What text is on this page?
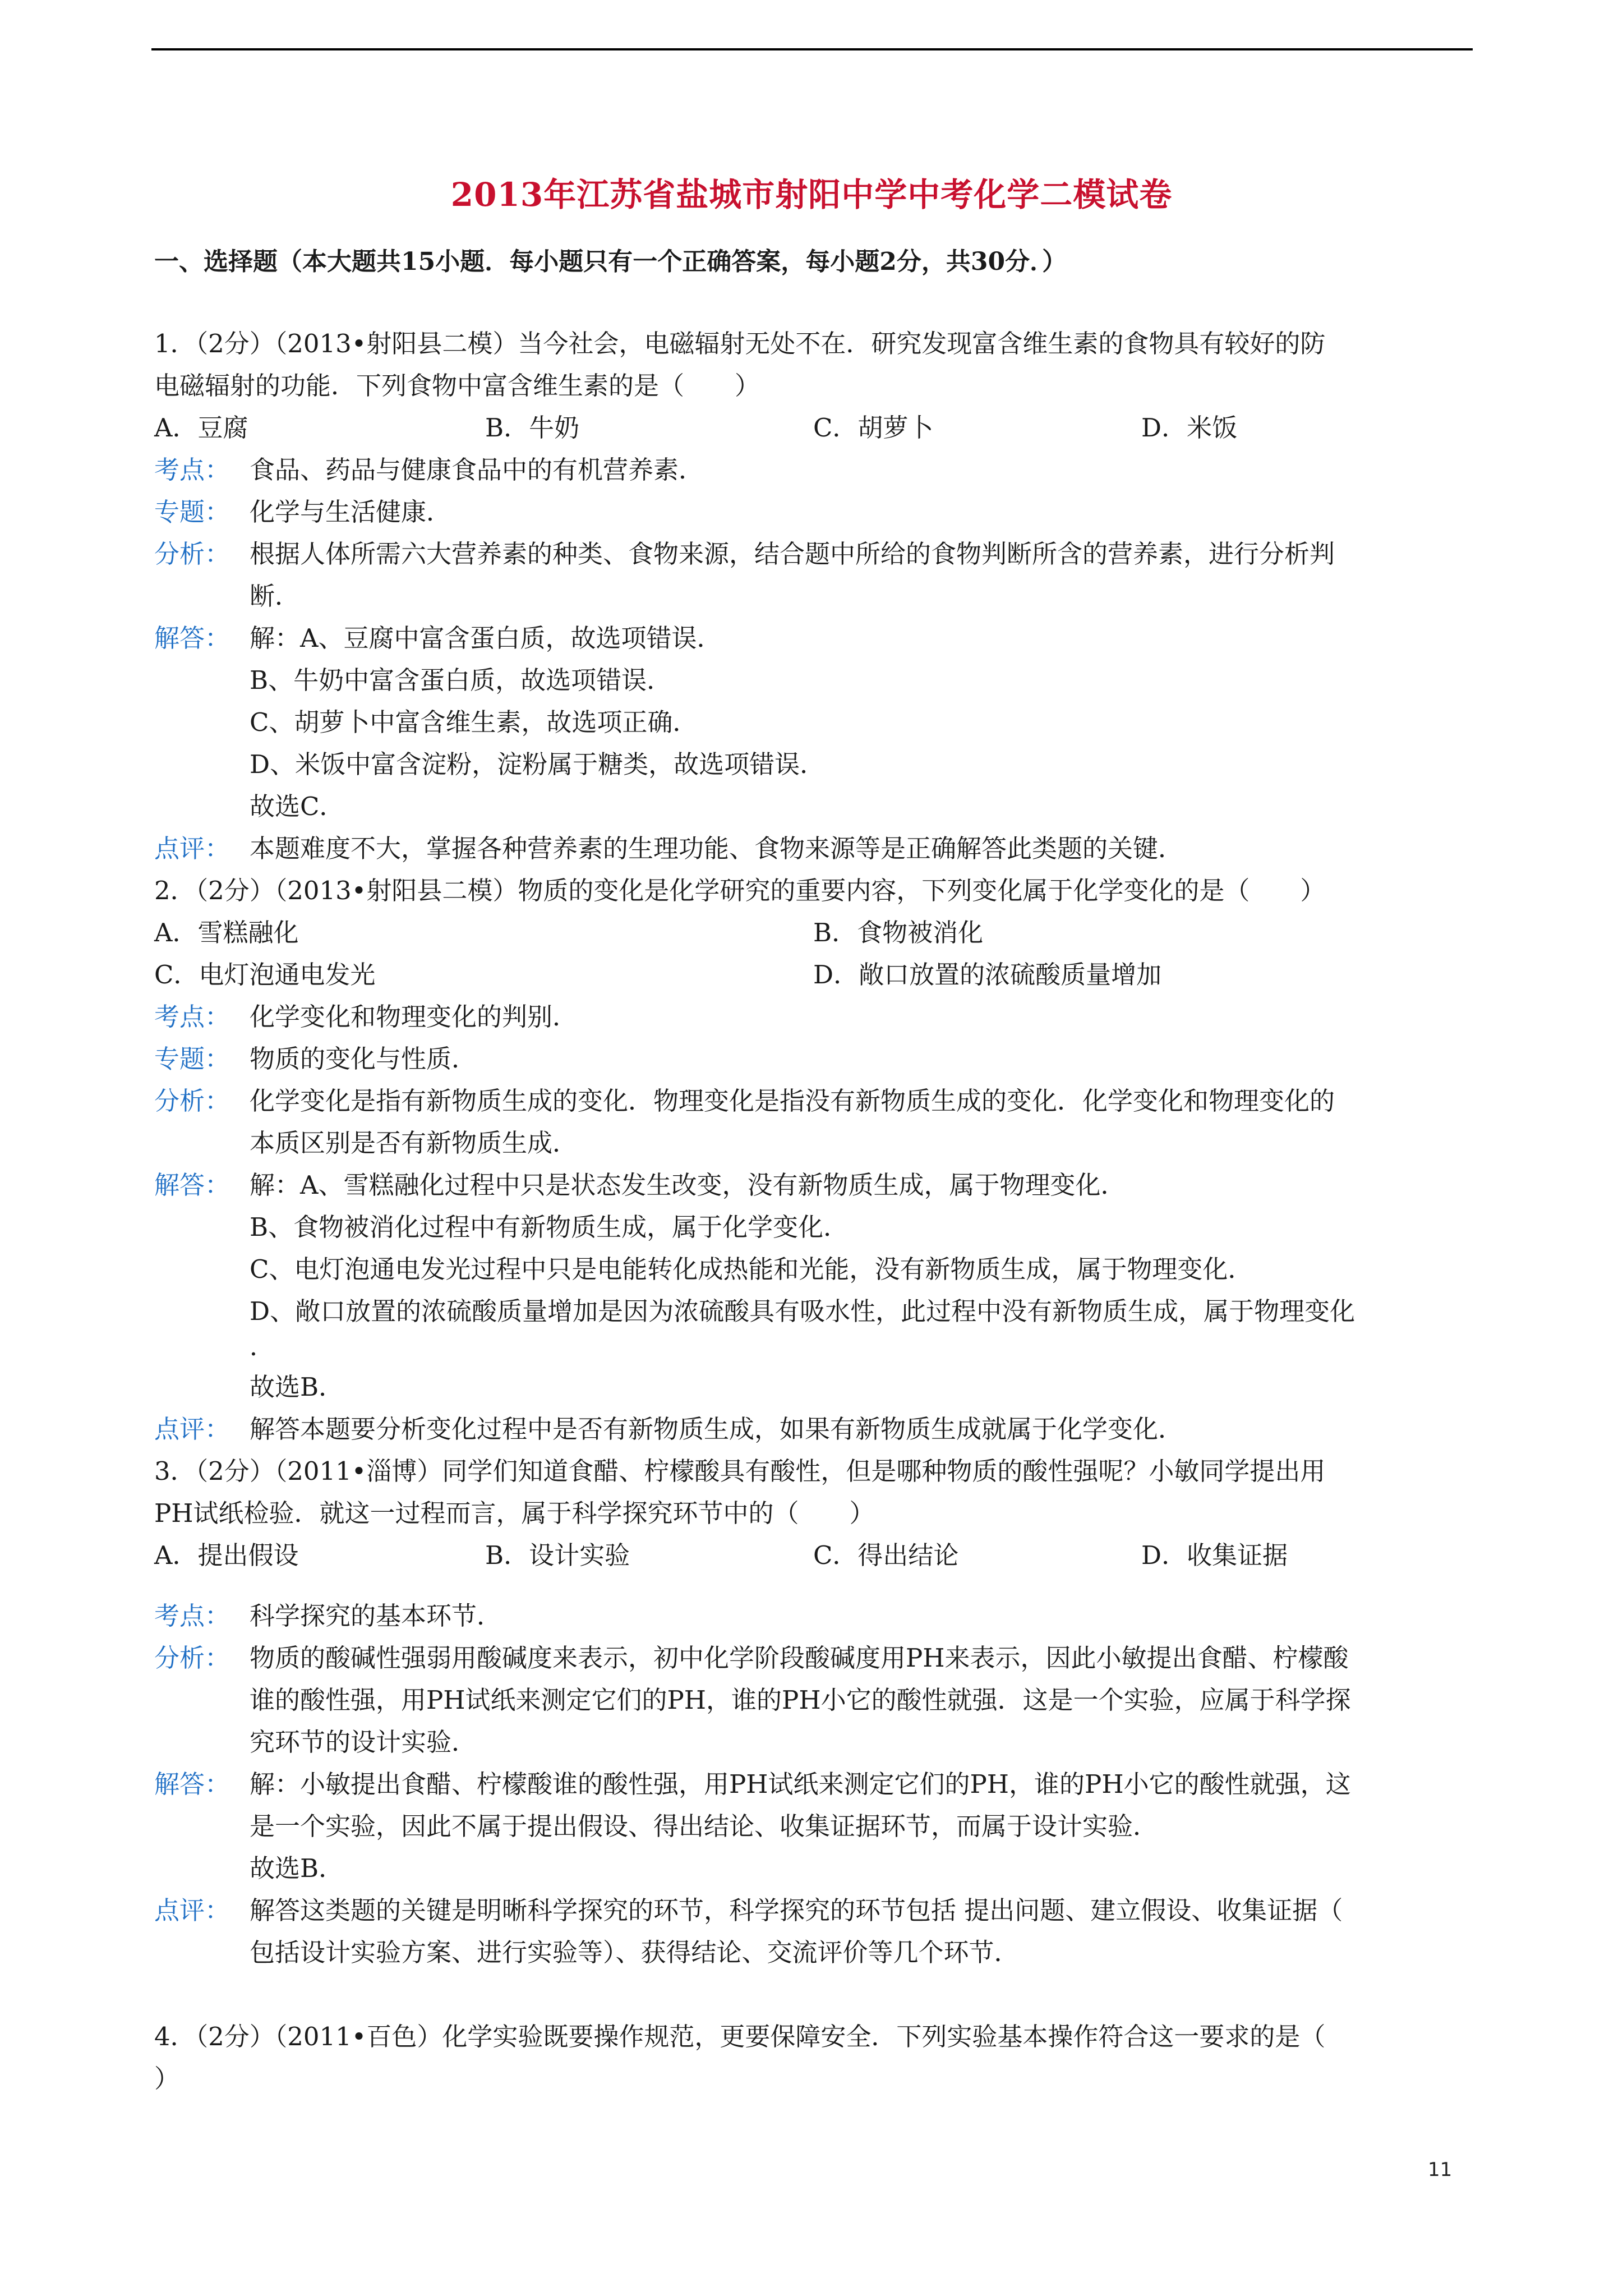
2013年江苏省盐城市射阳中学中考化学二模试卷
一、选择题（本大题共15小题．每小题只有一个正确答案，每小题2分，共30分．）
1．（2分）（2013•射阳县二模）当今社会，电磁辐射无处不在．研究发现富含维生素的食物具有较好的防
电磁辐射的功能．下列食物中富含维生素的是（　　）
A．豆腐	B．牛奶	C．胡萝卜	D．米饭
考点： 食品、药品与健康食品中的有机营养素．
专题： 化学与生活健康．
分析： 根据人体所需六大营养素的种类、食物来源，结合题中所给的食物判断所含的营养素，进行分析判
断．
解答： 解：A、豆腐中富含蛋白质，故选项错误．
B、牛奶中富含蛋白质，故选项错误．
C、胡萝卜中富含维生素，故选项正确．
D、米饭中富含淀粉，淀粉属于糖类，故选项错误．
故选C．
点评： 本题难度不大，掌握各种营养素的生理功能、食物来源等是正确解答此类题的关键．
2．（2分）（2013•射阳县二模）物质的变化是化学研究的重要内容，下列变化属于化学变化的是（　　）
A．雪糕融化	B．食物被消化
C．电灯泡通电发光	D．敞口放置的浓硫酸质量增加
考点： 化学变化和物理变化的判别．
专题： 物质的变化与性质．
分析： 化学变化是指有新物质生成的变化．物理变化是指没有新物质生成的变化．化学变化和物理变化的
本质区别是否有新物质生成．
解答： 解：A、雪糕融化过程中只是状态发生改变，没有新物质生成，属于物理变化．
B、食物被消化过程中有新物质生成，属于化学变化．
C、电灯泡通电发光过程中只是电能转化成热能和光能，没有新物质生成，属于物理变化．
D、敞口放置的浓硫酸质量增加是因为浓硫酸具有吸水性，此过程中没有新物质生成，属于物理变化
．
故选B．
点评： 解答本题要分析变化过程中是否有新物质生成，如果有新物质生成就属于化学变化．
3．（2分）（2011•淄博）同学们知道食醋、柠檬酸具有酸性，但是哪种物质的酸性强呢？小敏同学提出用
PH试纸检验．就这一过程而言，属于科学探究环节中的（　　）
A．提出假设	B．设计实验	C．得出结论	D．收集证据
考点： 科学探究的基本环节．
分析： 物质的酸碱性强弱用酸碱度来表示，初中化学阶段酸碱度用PH来表示，因此小敏提出食醋、柠檬酸
谁的酸性强，用PH试纸来测定它们的PH，谁的PH小它的酸性就强．这是一个实验，应属于科学探
究环节的设计实验．
解答： 解：小敏提出食醋、柠檬酸谁的酸性强，用PH试纸来测定它们的PH，谁的PH小它的酸性就强，这
是一个实验，因此不属于提出假设、得出结论、收集证据环节，而属于设计实验．
故选B．
点评： 解答这类题的关键是明晰科学探究的环节，科学探究的环节包括 提出问题、建立假设、收集证据（
包括设计实验方案、进行实验等）、获得结论、交流评价等几个环节．
4．（2分）（2011•百色）化学实验既要操作规范，更要保障安全．下列实验基本操作符合这一要求的是（
）
11
